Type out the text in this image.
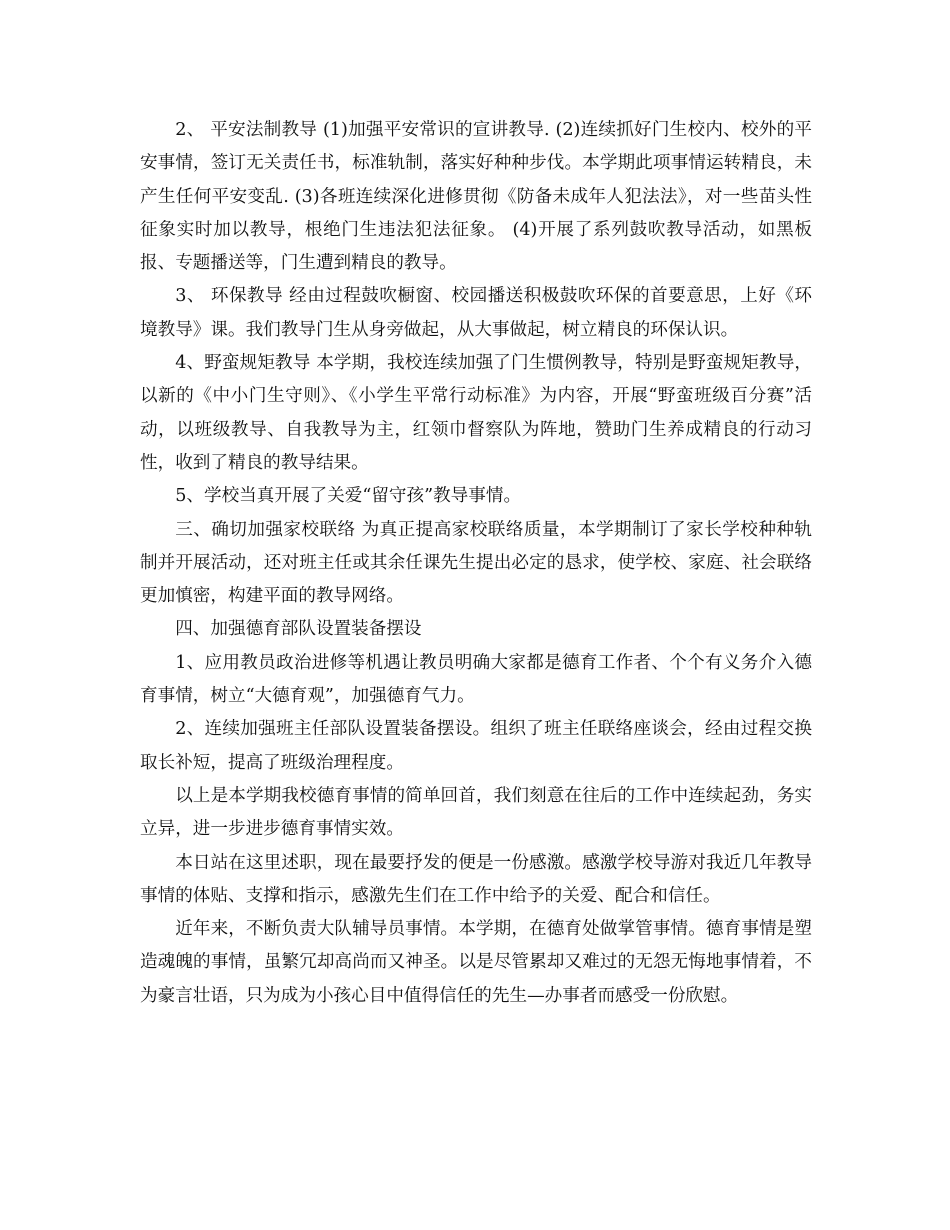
2、 平安法制教导 (1)加强平安常识的宣讲教导. (2)连续抓好门生校内、校外的平安事情，签订无关责任书，标准轨制，落实好种种步伐。本学期此项事情运转精良，未产生任何平安变乱. (3)各班连续深化进修贯彻《防备未成年人犯法法》，对一些苗头性征象实时加以教导，根绝门生违法犯法征象。 (4)开展了系列鼓吹教导活动，如黑板报、专题播送等，门生遭到精良的教导。

3、 环保教导 经由过程鼓吹橱窗、校园播送积极鼓吹环保的首要意思，上好《环境教导》课。我们教导门生从身旁做起，从大事做起，树立精良的环保认识。

4、野蛮规矩教导 本学期，我校连续加强了门生惯例教导，特别是野蛮规矩教导，以新的《中小门生守则》、《小学生平常行动标准》为内容，开展“野蛮班级百分赛”活动，以班级教导、自我教导为主，红领巾督察队为阵地，赞助门生养成精良的行动习性，收到了精良的教导结果。

5、学校当真开展了关爱“留守孩”教导事情。

三、确切加强家校联络 为真正提高家校联络质量，本学期制订了家长学校种种轨制并开展活动，还对班主任或其余任课先生提出必定的恳求，使学校、家庭、社会联络更加慎密，构建平面的教导网络。

四、加强德育部队设置装备摆设

1、应用教员政治进修等机遇让教员明确大家都是德育工作者、个个有义务介入德育事情，树立“大德育观”，加强德育气力。

2、连续加强班主任部队设置装备摆设。组织了班主任联络座谈会，经由过程交换取长补短，提高了班级治理程度。

以上是本学期我校德育事情的简单回首，我们刻意在往后的工作中连续起劲，务实立异，进一步进步德育事情实效。

本日站在这里述职，现在最要抒发的便是一份感激。感激学校导游对我近几年教导事情的体贴、支撑和指示，感激先生们在工作中给予的关爱、配合和信任。

近年来，不断负责大队辅导员事情。本学期，在德育处做掌管事情。德育事情是塑造魂魄的事情，虽繁冗却高尚而又神圣。以是尽管累却又难过的无怨无悔地事情着，不为豪言壮语，只为成为小孩心目中值得信任的先生—办事者而感受一份欣慰。
